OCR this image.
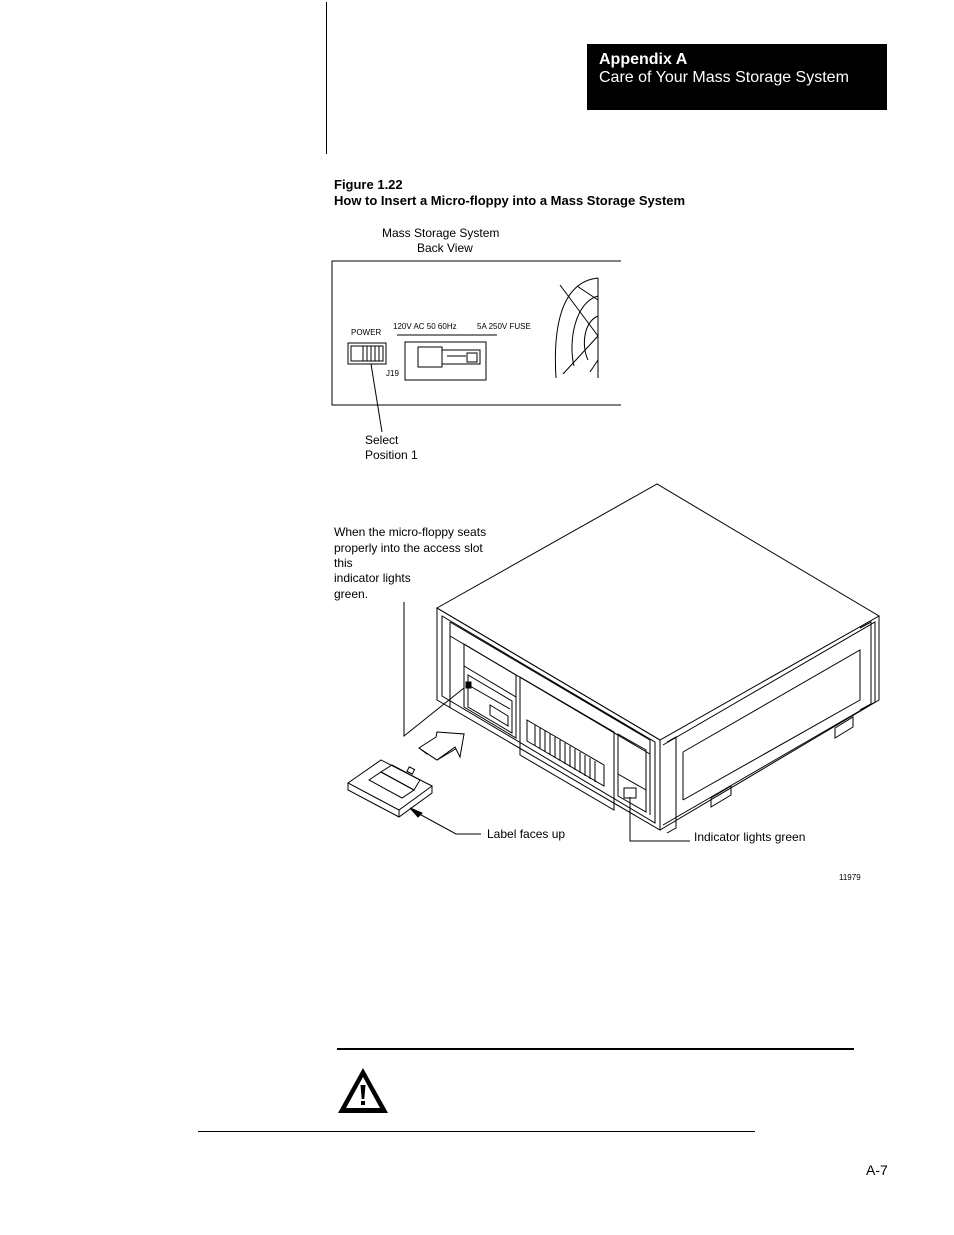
Appendix A
Care of Your Mass Storage System
Figure 1.22
How to Insert a Micro-floppy into a Mass Storage System
Mass Storage System
Back View
POWER
120V AC 50 60Hz	5A 250V FUSE
J19
Select
Position 1
When the micro-floppy seats
properly into the access slot
this
indicator lights
green.
Label faces up	Indicator lights green
11979
A-7
